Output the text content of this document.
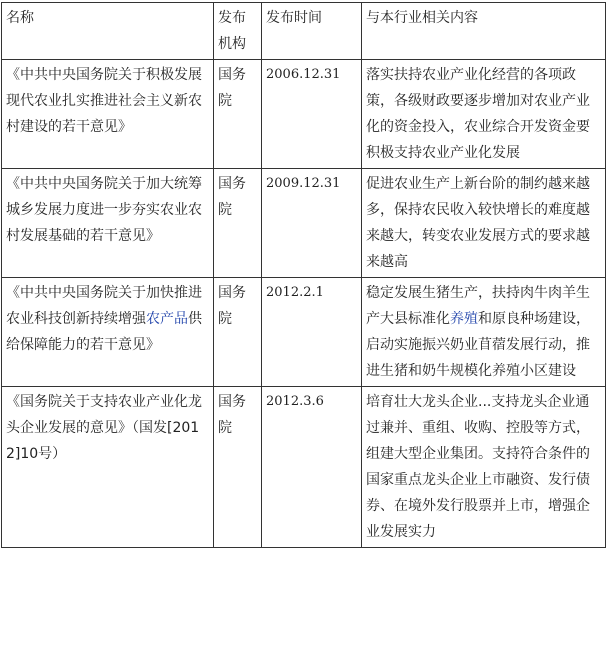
名称	发布机构	发布时间	与本行业相关内容
《中共中央国务院关于积极发展现代农业扎实推进社会主义新农村建设的若干意见》	国务院	2006.12.31	落实扶持农业产业化经营的各项政策，各级财政要逐步增加对农业产业化的资金投入，农业综合开发资金要积极支持农业产业化发展
《中共中央国务院关于加大统筹城乡发展力度进一步夯实农业农村发展基础的若干意见》	国务院	2009.12.31	促进农业生产上新台阶的制约越来越多，保持农民收入较快增长的难度越来越大，转变农业发展方式的要求越来越高
《中共中央国务院关于加快推进农业科技创新持续增强农产品供给保障能力的若干意见》	国务院	2012.2.1	稳定发展生猪生产，扶持肉牛肉羊生产大县标准化养殖和原良种场建设，启动实施振兴奶业苜蓿发展行动，推进生猪和奶牛规模化养殖小区建设
《国务院关于支持农业产业化龙头企业发展的意见》（国发[2012]10号）	国务院	2012.3.6	培育壮大龙头企业...支持龙头企业通过兼并、重组、收购、控股等方式，组建大型企业集团。支持符合条件的国家重点龙头企业上市融资、发行债券、在境外发行股票并上市，增强企业发展实力
